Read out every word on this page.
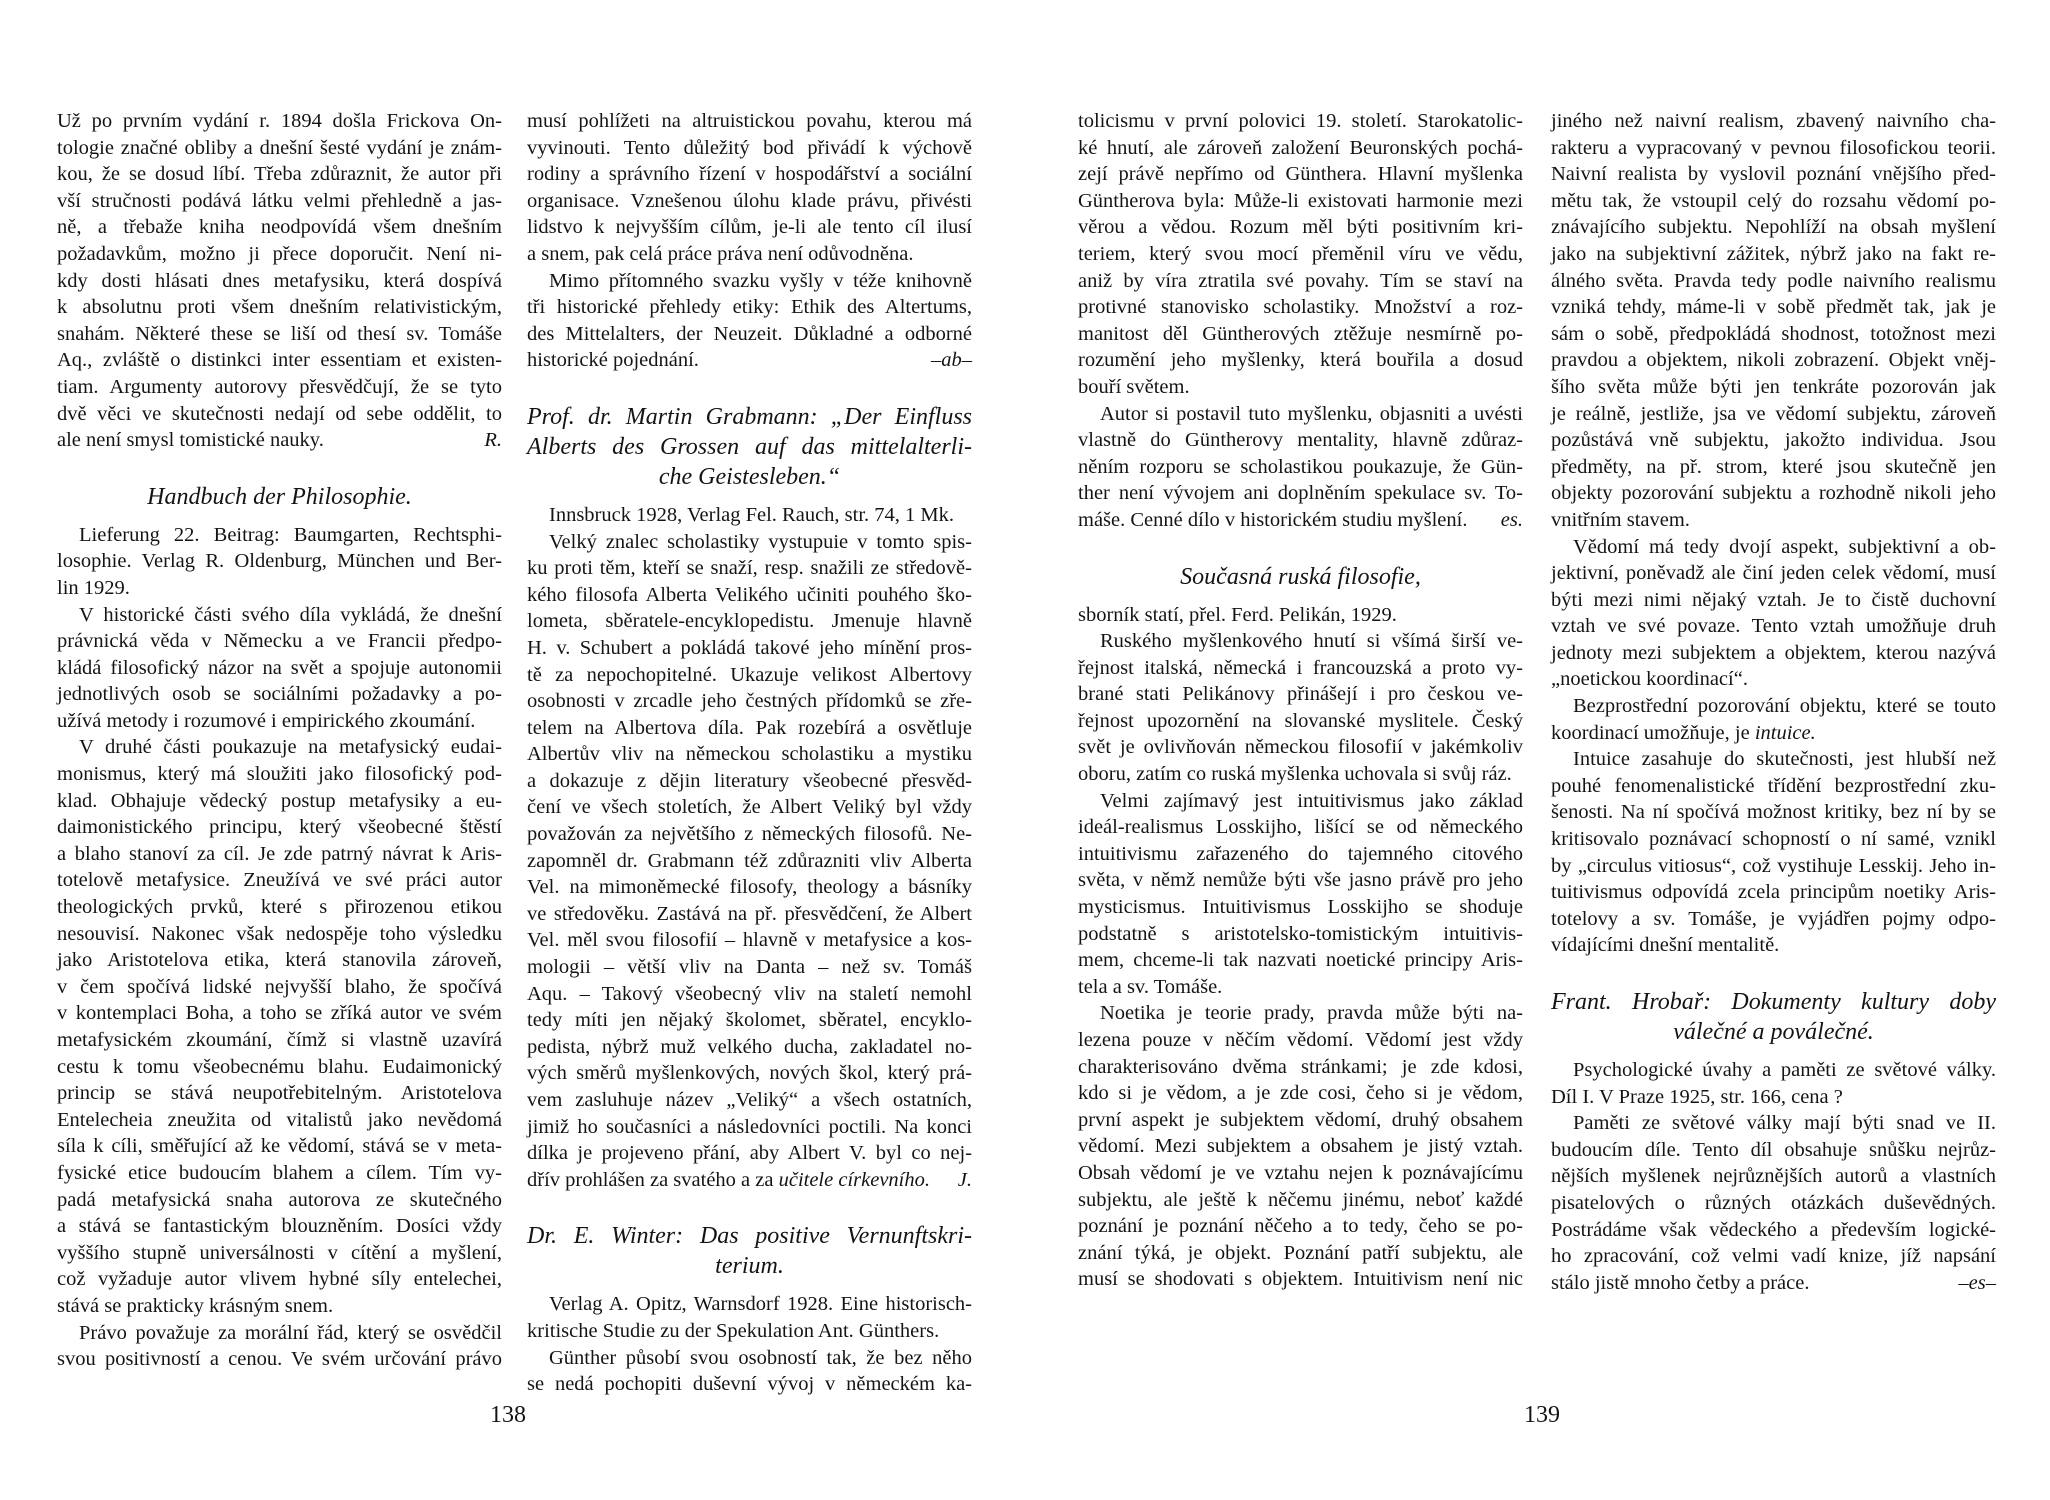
Už po prvním vydání r. 1894 došla Frickova On-
tologie značné obliby a dnešní šesté vydání je znám-
kou, že se dosud líbí. Třeba zdůraznit, že autor při
vší stručnosti podává látku velmi přehledně a jas-
ně, a třebaže kniha neodpovídá všem dnešním
požadavkům, možno ji přece doporučit. Není ni-
kdy dosti hlásati dnes metafysiku, která dospívá
k absolutnu proti všem dnešním relativistickým,
snahám. Některé these se liší od thesí sv. Tomáše
Aq., zvláště o distinkci inter essentiam et existen-
tiam. Argumenty autorovy přesvědčují, že se tyto
dvě věci ve skutečnosti nedají od sebe oddělit, to
ale není smysl tomistické nauky.	R.
Handbuch der Philosophie.
Lieferung 22. Beitrag: Baumgarten, Rechtsphi-
losophie. Verlag R. Oldenburg, München und Ber-
lin 1929.
V historické části svého díla vykládá, že dnešní
právnická věda v Německu a ve Francii předpo-
kládá filosofický názor na svět a spojuje autonomii
jednotlivých osob se sociálními požadavky a po-
užívá metody i rozumové i empirického zkoumání.
V druhé části poukazuje na metafysický eudai-
monismus, který má sloužiti jako filosofický pod-
klad. Obhajuje vědecký postup metafysiky a eu-
daimonistického principu, který všeobecné štěstí
a blaho stanoví za cíl. Je zde patrný návrat k Aris-
totelově metafysice. Zneužívá ve své práci autor
theologických prvků, které s přirozenou etikou
nesouvisí. Nakonec však nedospěje toho výsledku
jako Aristotelova etika, která stanovila zároveň,
v čem spočívá lidské nejvyšší blaho, že spočívá
v kontemplaci Boha, a toho se zříká autor ve svém
metafysickém zkoumání, čímž si vlastně uzavírá
cestu k tomu všeobecnému blahu. Eudaimonický
princip se stává neupotřebitelným. Aristotelova
Entelecheia zneužita od vitalistů jako nevědomá
síla k cíli, směřující až ke vědomí, stává se v meta-
fysické etice budoucím blahem a cílem. Tím vy-
padá metafysická snaha autorova ze skutečného
a stává se fantastickým blouzněním. Dosíci vždy
vyššího stupně universálnosti v cítění a myšlení,
což vyžaduje autor vlivem hybné síly entelechei,
stává se prakticky krásným snem.
Právo považuje za morální řád, který se osvědčil
svou positivností a cenou. Ve svém určování právo
musí pohlížeti na altruistickou povahu, kterou má
vyvinouti. Tento důležitý bod přivádí k výchově
rodiny a správního řízení v hospodářství a sociální
organisace. Vznešenou úlohu klade právu, přivésti
lidstvo k nejvyšším cílům, je-li ale tento cíl ilusí
a snem, pak celá práce práva není odůvodněna.
Mimo přítomného svazku vyšly v téže knihovně
tři historické přehledy etiky: Ethik des Altertums,
des Mittelalters, der Neuzeit. Důkladné a odborné
historické pojednání.	–ab–
Prof. dr. Martin Grabmann: „Der Einfluss
Alberts des Grossen auf das mittelalterli-
che Geistesleben.“
Innsbruck 1928, Verlag Fel. Rauch, str. 74, 1 Mk.
Velký znalec scholastiky vystupuie v tomto spis-
ku proti těm, kteří se snaží, resp. snažili ze středově-
kého filosofa Alberta Velikého učiniti pouhého ško-
lometa, sběratele-encyklopedistu. Jmenuje hlavně
H. v. Schubert a pokládá takové jeho mínění pros-
tě za nepochopitelné. Ukazuje velikost Albertovy
osobnosti v zrcadle jeho čestných přídomků se zře-
telem na Albertova díla. Pak rozebírá a osvětluje
Albertův vliv na německou scholastiku a mystiku
a dokazuje z dějin literatury všeobecné přesvěd-
čení ve všech stoletích, že Albert Veliký byl vždy
považován za největšího z německých filosofů. Ne-
zapomněl dr. Grabmann též zdůrazniti vliv Alberta
Vel. na mimoněmecké filosofy, theology a básníky
ve středověku. Zastává na př. přesvědčení, že Albert
Vel. měl svou filosofií – hlavně v metafysice a kos-
mologii – větší vliv na Danta – než sv. Tomáš
Aqu. – Takový všeobecný vliv na staletí nemohl
tedy míti jen nějaký školomet, sběratel, encyklo-
pedista, nýbrž muž velkého ducha, zakladatel no-
vých směrů myšlenkových, nových škol, který prá-
vem zasluhuje název „Veliký“ a všech ostatních,
jimiž ho současníci a následovníci poctili. Na konci
dílka je projeveno přání, aby Albert V. byl co nej-
dřív prohlášen za svatého a za učitele církevního. J.
Dr. E. Winter: Das positive Vernunftskri-
terium.
Verlag A. Opitz, Warnsdorf 1928. Eine historisch-
kritische Studie zu der Spekulation Ant. Günthers.
Günther působí svou osobností tak, že bez něho
se nedá pochopiti duševní vývoj v německém ka-
tolicismu v první polovici 19. století. Starokatolic-
ké hnutí, ale zároveň založení Beuronských pochá-
zejí právě nepřímo od Günthera. Hlavní myšlenka
Güntherova byla: Může-li existovati harmonie mezi
věrou a vědou. Rozum měl býti positivním kri-
teriem, který svou mocí přeměnil víru ve vědu,
aniž by víra ztratila své povahy. Tím se staví na
protivné stanovisko scholastiky. Množství a roz-
manitost děl Güntherových ztěžuje nesmírně po-
rozumění jeho myšlenky, která bouřila a dosud
bouří světem.
Autor si postavil tuto myšlenku, objasniti a uvésti
vlastně do Güntherovy mentality, hlavně zdůraz-
něním rozporu se scholastikou poukazuje, že Gün-
ther není vývojem ani doplněním spekulace sv. To-
máše. Cenné dílo v historickém studiu myšlení. es.
Současná ruská filosofie,
sborník statí, přel. Ferd. Pelikán, 1929.
Ruského myšlenkového hnutí si všímá širší ve-
řejnost italská, německá i francouzská a proto vy-
brané stati Pelikánovy přinášejí i pro českou ve-
řejnost upozornění na slovanské myslitele. Český
svět je ovlivňován německou filosofií v jakémkoliv
oboru, zatím co ruská myšlenka uchovala si svůj ráz.
Velmi zajímavý jest intuitivismus jako základ
ideál-realismus Losskijho, lišící se od německého
intuitivismu zařazeného do tajemného citového
světa, v němž nemůže býti vše jasno právě pro jeho
mysticismus. Intuitivismus Losskijho se shoduje
podstatně s aristotelsko-tomistickým intuitivis-
mem, chceme-li tak nazvati noetické principy Aris-
tela a sv. Tomáše.
Noetika je teorie prady, pravda může býti na-
lezena pouze v něčím vědomí. Vědomí jest vždy
charakterisováno dvěma stránkami; je zde kdosi,
kdo si je vědom, a je zde cosi, čeho si je vědom,
první aspekt je subjektem vědomí, druhý obsahem
vědomí. Mezi subjektem a obsahem je jistý vztah.
Obsah vědomí je ve vztahu nejen k poznávajícímu
subjektu, ale ještě k něčemu jinému, neboť každé
poznání je poznání něčeho a to tedy, čeho se po-
znání týká, je objekt. Poznání patří subjektu, ale
musí se shodovati s objektem. Intuitivism není nic
jiného než naivní realism, zbavený naivního cha-
rakteru a vypracovaný v pevnou filosofickou teorii.
Naivní realista by vyslovil poznání vnějšího před-
mětu tak, že vstoupil celý do rozsahu vědomí po-
znávajícího subjektu. Nepohlíží na obsah myšlení
jako na subjektivní zážitek, nýbrž jako na fakt re-
álného světa. Pravda tedy podle naivního realismu
vzniká tehdy, máme-li v sobě předmět tak, jak je
sám o sobě, předpokládá shodnost, totožnost mezi
pravdou a objektem, nikoli zobrazení. Objekt vněj-
šího světa může býti jen tenkráte pozorován jak
je reálně, jestliže, jsa ve vědomí subjektu, zároveň
pozůstává vně subjektu, jakožto individua. Jsou
předměty, na př. strom, které jsou skutečně jen
objekty pozorování subjektu a rozhodně nikoli jeho
vnitřním stavem.
Vědomí má tedy dvojí aspekt, subjektivní a ob-
jektivní, poněvadž ale činí jeden celek vědomí, musí
býti mezi nimi nějaký vztah. Je to čistě duchovní
vztah ve své povaze. Tento vztah umožňuje druh
jednoty mezi subjektem a objektem, kterou nazývá
„noetickou koordinací“.
Bezprostřední pozorování objektu, které se touto
koordinací umožňuje, je intuice.
Intuice zasahuje do skutečnosti, jest hlubší než
pouhé fenomenalistické třídění bezprostřední zku-
šenosti. Na ní spočívá možnost kritiky, bez ní by se
kritisovalo poznávací schopností o ní samé, vznikl
by „circulus vitiosus“, což vystihuje Lesskij. Jeho in-
tuitivismus odpovídá zcela principům noetiky Aris-
totelovy a sv. Tomáše, je vyjádřen pojmy odpo-
vídajícími dnešní mentalitě.
Frant. Hrobař: Dokumenty kultury doby
válečné a poválečné.
Psychologické úvahy a paměti ze světové války.
Díl I. V Praze 1925, str. 166, cena ?
Paměti ze světové války mají býti snad ve II.
budoucím díle. Tento díl obsahuje snůšku nejrůz-
nějších myšlenek nejrůznějších autorů a vlastních
pisatelových o různých otázkách duševědných.
Postrádáme však vědeckého a především logické-
ho zpracování, což velmi vadí knize, jíž napsání
stálo jistě mnoho četby a práce.	–es–
138	139
